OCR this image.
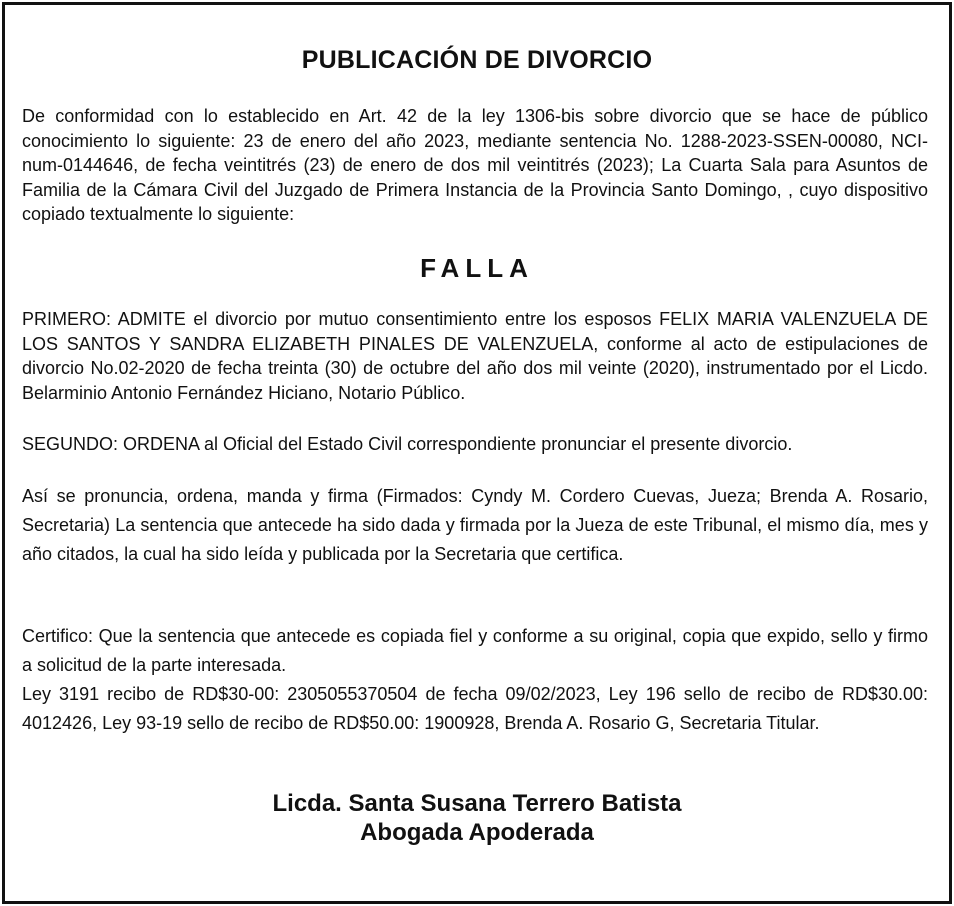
PUBLICACIÓN DE DIVORCIO
De conformidad con lo establecido en Art. 42 de la ley 1306-bis sobre divorcio que se hace de público conocimiento lo siguiente: 23 de enero del año 2023, mediante sentencia No. 1288-2023-SSEN-00080, NCI-num-0144646, de fecha veintitrés (23) de enero de dos mil veintitrés (2023); La Cuarta Sala para Asuntos de Familia de la Cámara Civil del Juzgado de Primera Instancia de la Provincia Santo Domingo, , cuyo dispositivo copiado textualmente lo siguiente:
FALLA
PRIMERO: ADMITE el divorcio por mutuo consentimiento entre los esposos FELIX MARIA VALENZUELA DE LOS SANTOS Y SANDRA ELIZABETH PINALES DE VALENZUELA, conforme al acto de estipulaciones de divorcio No.02-2020 de fecha treinta (30) de octubre del año dos mil veinte (2020), instrumentado por el Licdo. Belarminio Antonio Fernández Hiciano, Notario Público.
SEGUNDO: ORDENA al Oficial del Estado Civil correspondiente pronunciar el presente divorcio.
Así se pronuncia, ordena, manda y firma (Firmados: Cyndy M. Cordero Cuevas, Jueza; Brenda A. Rosario, Secretaria) La sentencia que antecede ha sido dada y firmada por la Jueza de este Tribunal, el mismo día, mes y año citados, la cual ha sido leída y publicada por la Secretaria que certifica.
Certifico: Que la sentencia que antecede es copiada fiel y conforme a su original, copia que expido, sello y firmo a solicitud de la parte interesada.
Ley 3191 recibo de RD$30-00: 2305055370504 de fecha 09/02/2023, Ley 196 sello de recibo de RD$30.00: 4012426, Ley 93-19 sello de recibo de RD$50.00: 1900928, Brenda A. Rosario G, Secretaria Titular.
Licda. Santa Susana Terrero Batista
Abogada Apoderada
